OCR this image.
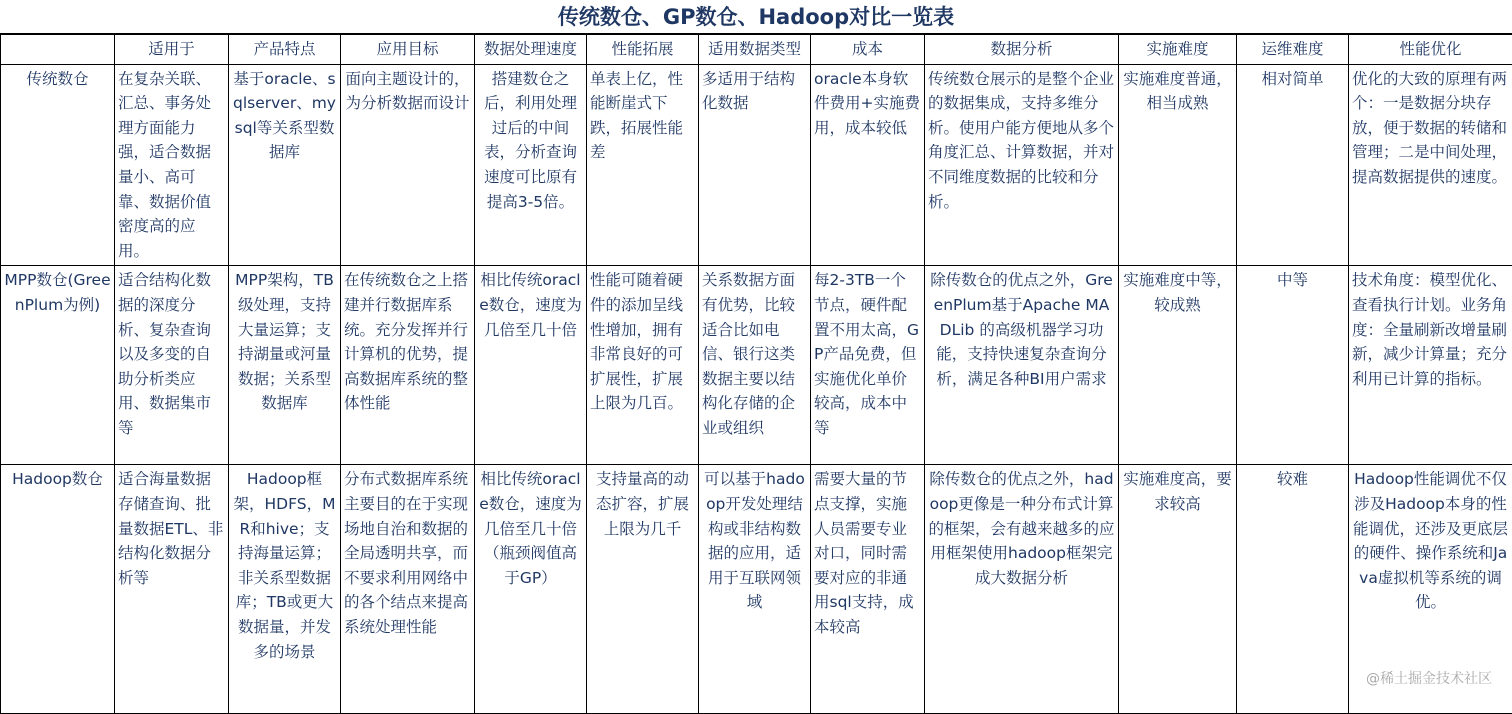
传统数仓、GP数仓、Hadoop对比一览表
	适用于	产品特点	应用目标	数据处理速度	性能拓展	适用数据类型	成本	数据分析	实施难度	运维难度	性能优化
传统数仓	在复杂关联、汇总、事务处理方面能力强，适合数据量小、高可靠、数据价值密度高的应用。	基于oracle、sqlserver、mysql等关系型数据库	面向主题设计的，为分析数据而设计	搭建数仓之后，利用处理过后的中间表，分析查询速度可比原有提高3-5倍。	单表上亿，性能断崖式下跌，拓展性能差	多适用于结构化数据	oracle本身软件费用+实施费用，成本较低	传统数仓展示的是整个企业的数据集成，支持多维分析。使用户能方便地从多个角度汇总、计算数据，并对不同维度数据的比较和分析。	实施难度普通，相当成熟	相对简单	优化的大致的原理有两个：一是数据分块存放，便于数据的转储和管理；二是中间处理，提高数据提供的速度。
MPP数仓(GreenPlum为例)	适合结构化数据的深度分析、复杂查询以及多变的自助分析类应用、数据集市等	MPP架构，TB级处理，支持大量运算；支持湖量或河量数据；关系型数据库	在传统数仓之上搭建并行数据库系统。充分发挥并行计算机的优势，提高数据库系统的整体性能	相比传统oracle数仓，速度为几倍至几十倍	性能可随着硬件的添加呈线性增加，拥有非常良好的可扩展性，扩展上限为几百。	关系数据方面有优势，比较适合比如电信、银行这类数据主要以结构化存储的企业或组织	每2-3TB一个节点，硬件配置不用太高，GP产品免费，但实施优化单价较高，成本中等	除传数仓的优点之外，GreenPlum基于Apache MADLib 的高级机器学习功能，支持快速复杂查询分析，满足各种BI用户需求	实施难度中等，较成熟	中等	技术角度：模型优化、查看执行计划。业务角度：全量刷新改增量刷新，减少计算量；充分利用已计算的指标。
Hadoop数仓	适合海量数据存储查询、批量数据ETL、非结构化数据分析等	Hadoop框架，HDFS，MR和hive；支持海量运算；非关系型数据库；TB或更大数据量，并发多的场景	分布式数据库系统主要目的在于实现场地自治和数据的全局透明共享，而不要求利用网络中的各个结点来提高系统处理性能	相比传统oracle数仓，速度为几倍至几十倍（瓶颈阀值高于GP）	支持量高的动态扩容，扩展上限为几千	可以基于hadoop开发处理结构或非结构数据的应用，适用于互联网领域	需要大量的节点支撑，实施人员需要专业对口，同时需要对应的非通用sql支持，成本较高	除传数仓的优点之外，hadoop更像是一种分布式计算的框架，会有越来越多的应用框架使用hadoop框架完成大数据分析	实施难度高，要求较高	较难	Hadoop性能调优不仅涉及Hadoop本身的性能调优，还涉及更底层的硬件、操作系统和Java虚拟机等系统的调优。
@稀土掘金技术社区
